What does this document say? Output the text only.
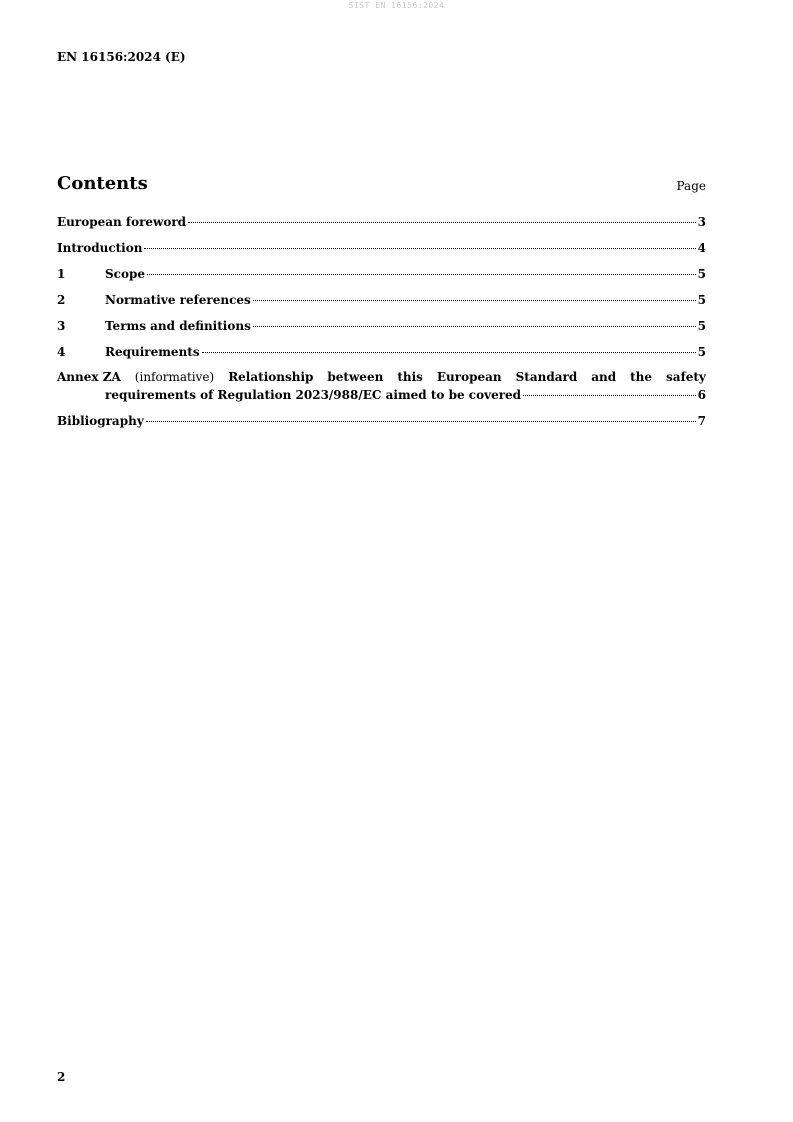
SIST EN 16156:2024
EN 16156:2024 (E)
Contents	Page
European foreword	3
Introduction	4
1	Scope	5
2	Normative references	5
3	Terms and definitions	5
4	Requirements	5
Annex ZA (informative) Relationship between this European Standard and the safety
requirements of Regulation 2023/988/EC aimed to be covered	6
Bibliography	7
2
